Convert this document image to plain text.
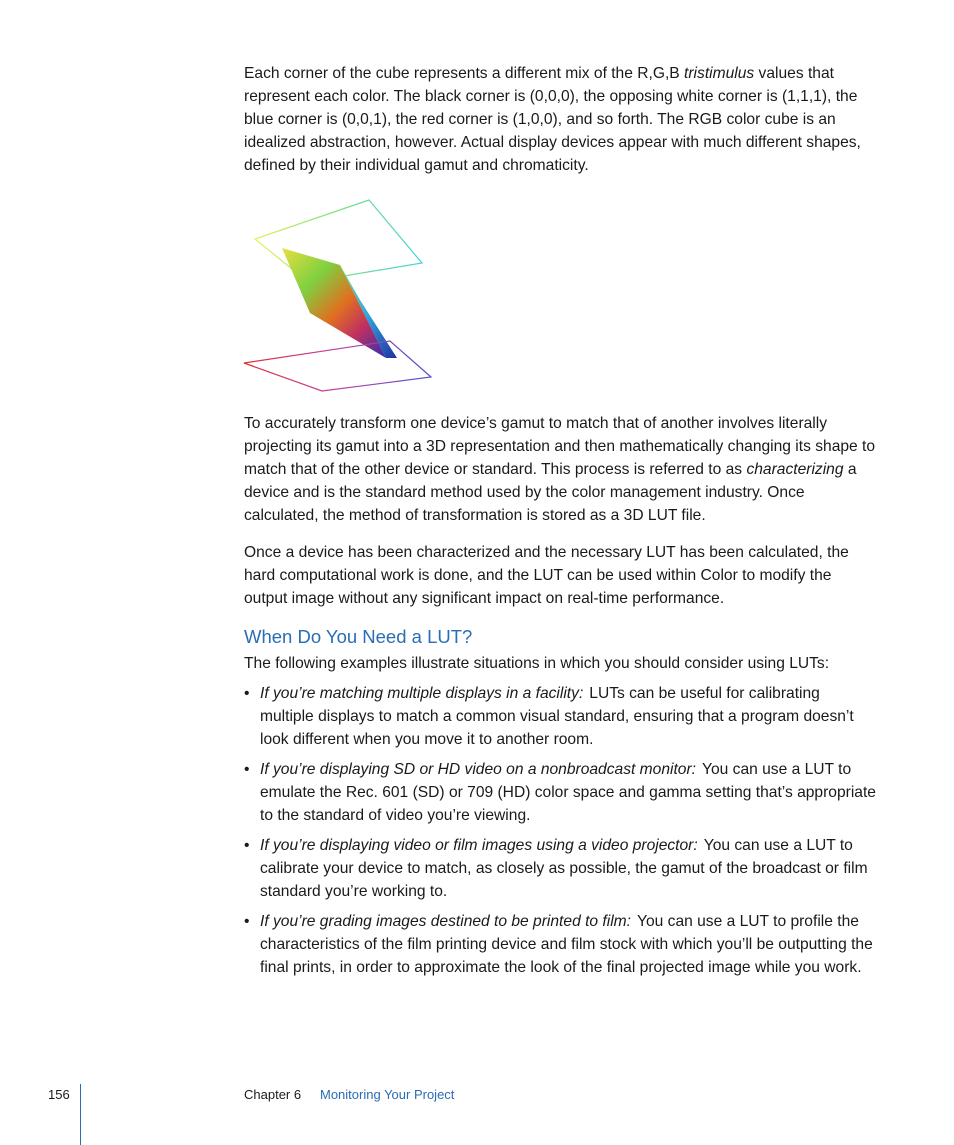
Each corner of the cube represents a different mix of the R,G,B tristimulus values that represent each color. The black corner is (0,0,0), the opposing white corner is (1,1,1), the blue corner is (0,0,1), the red corner is (1,0,0), and so forth. The RGB color cube is an idealized abstraction, however. Actual display devices appear with much different shapes, defined by their individual gamut and chromaticity.

To accurately transform one device’s gamut to match that of another involves literally projecting its gamut into a 3D representation and then mathematically changing its shape to match that of the other device or standard. This process is referred to as characterizing a device and is the standard method used by the color management industry. Once calculated, the method of transformation is stored as a 3D LUT file.

Once a device has been characterized and the necessary LUT has been calculated, the hard computational work is done, and the LUT can be used within Color to modify the output image without any significant impact on real-time performance.

When Do You Need a LUT?

The following examples illustrate situations in which you should consider using LUTs:

• If you’re matching multiple displays in a facility: LUTs can be useful for calibrating multiple displays to match a common visual standard, ensuring that a program doesn’t look different when you move it to another room.
• If you’re displaying SD or HD video on a nonbroadcast monitor: You can use a LUT to emulate the Rec. 601 (SD) or 709 (HD) color space and gamma setting that’s appropriate to the standard of video you’re viewing.
• If you’re displaying video or film images using a video projector: You can use a LUT to calibrate your device to match, as closely as possible, the gamut of the broadcast or film standard you’re working to.
• If you’re grading images destined to be printed to film: You can use a LUT to profile the characteristics of the film printing device and film stock with which you’ll be outputting the final prints, in order to approximate the look of the final projected image while you work.
156	Chapter 6 Monitoring Your Project
